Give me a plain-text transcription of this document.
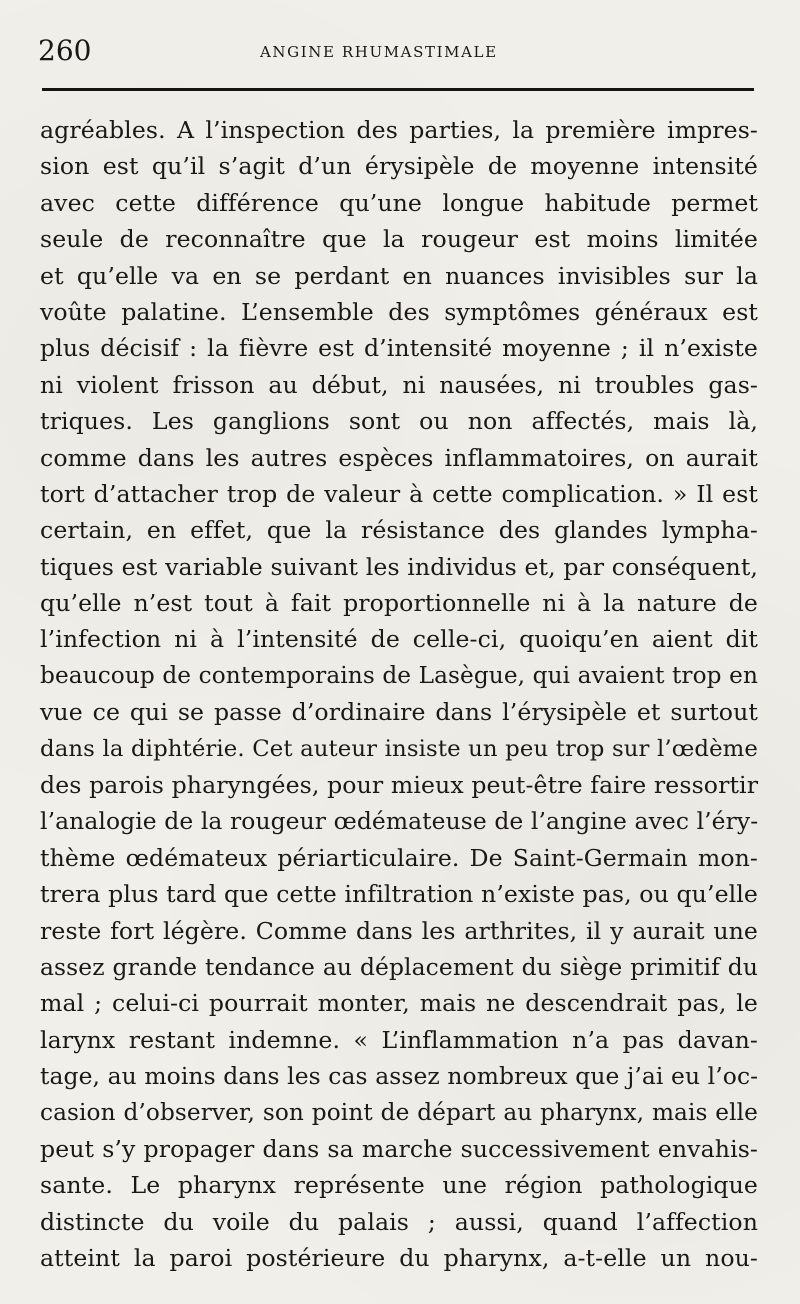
260	ANGINE RHUMASTIMALE
agréables. A l’inspection des parties, la première impres-
sion est qu’il s’agit d’un érysipèle de moyenne intensité
avec cette différence qu’une longue habitude permet
seule de reconnaître que la rougeur est moins limitée
et qu’elle va en se perdant en nuances invisibles sur la
voûte palatine. L’ensemble des symptômes généraux est
plus décisif : la fièvre est d’intensité moyenne ; il n’existe
ni violent frisson au début, ni nausées, ni troubles gas-
triques. Les ganglions sont ou non affectés, mais là,
comme dans les autres espèces inflammatoires, on aurait
tort d’attacher trop de valeur à cette complication. » Il est
certain, en effet, que la résistance des glandes lympha-
tiques est variable suivant les individus et, par conséquent,
qu’elle n’est tout à fait proportionnelle ni à la nature de
l’infection ni à l’intensité de celle-ci, quoiqu’en aient dit
beaucoup de contemporains de Lasègue, qui avaient trop en
vue ce qui se passe d’ordinaire dans l’érysipèle et surtout
dans la diphtérie. Cet auteur insiste un peu trop sur l’œdème
des parois pharyngées, pour mieux peut-être faire ressortir
l’analogie de la rougeur œdémateuse de l’angine avec l’éry-
thème œdémateux périarticulaire. De Saint-Germain mon-
trera plus tard que cette infiltration n’existe pas, ou qu’elle
reste fort légère. Comme dans les arthrites, il y aurait une
assez grande tendance au déplacement du siège primitif du
mal ; celui-ci pourrait monter, mais ne descendrait pas, le
larynx restant indemne. « L’inflammation n’a pas davan-
tage, au moins dans les cas assez nombreux que j’ai eu l’oc-
casion d’observer, son point de départ au pharynx, mais elle
peut s’y propager dans sa marche successivement envahis-
sante. Le pharynx représente une région pathologique
distincte du voile du palais ; aussi, quand l’affection
atteint la paroi postérieure du pharynx, a-t-elle un nou-
